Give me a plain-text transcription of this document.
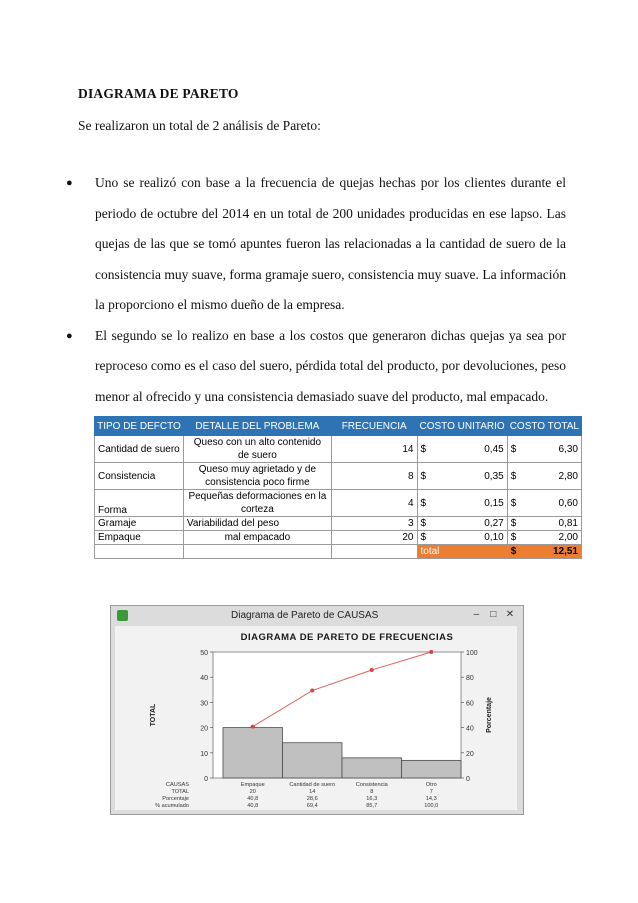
DIAGRAMA DE PARETO
Se realizaron un total de 2 análisis de Pareto:
● Uno se realizó con base a la frecuencia de quejas hechas por los clientes durante el periodo de octubre del 2014 en un total de 200 unidades producidas en ese lapso. Las quejas de las que se tomó apuntes fueron las relacionadas a la cantidad de suero de la consistencia muy suave, forma gramaje suero, consistencia muy suave. La información la proporciono el mismo dueño de la empresa.
● El segundo se lo realizo en base a los costos que generaron dichas quejas ya sea por reproceso como es el caso del suero, pérdida total del producto, por devoluciones, peso menor al ofrecido y una consistencia demasiado suave del producto, mal empacado.
TIPO DE DEFCTO	DETALLE DEL PROBLEMA	FRECUENCIA	COSTO UNITARIO	COSTO TOTAL
Cantidad de suero	Queso con un alto contenido de suero	14	$ 0,45	$ 6,30

Consistencia	Queso muy agrietado y de consistencia poco firme	8	$ 0,35	$ 2,80

Forma	Pequeñas deformaciones en la corteza	4	$ 0,15	$ 0,60

Gramaje	Variabilidad del peso	3	$ 0,27	$ 0,81

Empaque	mal empacado	20	$ 0,10	$ 2,00

			total	$ 12,51
Diagrama de Pareto de CAUSAS	– □ ✕
DIAGRAMA DE PARETO DE FRECUENCIAS
0
10
20
30
40
50
0
20
40
60
80
100
TOTAL	Porcentaje
CAUSAS	Empaque	Cantidad de suero	Consistencia	Otro
TOTAL	20	14	8	7
Porcentaje	40,8	28,6	16,3	14,3
% acumulado	40,8	69,4	85,7	100,0
